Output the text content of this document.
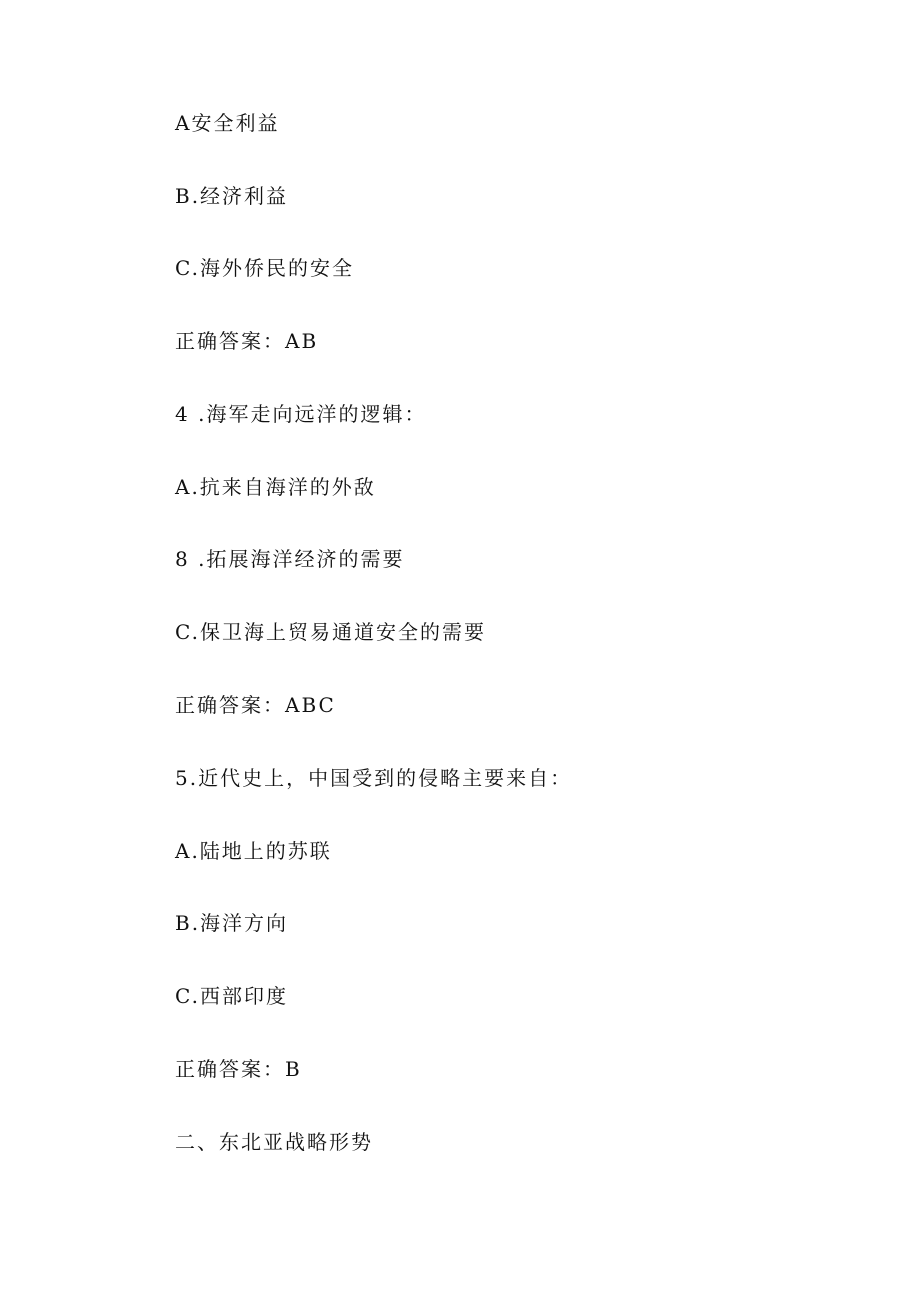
A安全利益
B.经济利益
C.海外侨民的安全
正确答案：AB
4 .海军走向远洋的逻辑：
A.抗来自海洋的外敌
8 .拓展海洋经济的需要
C.保卫海上贸易通道安全的需要
正确答案：ABC
5.近代史上，中国受到的侵略主要来自：
A.陆地上的苏联
B.海洋方向
C.西部印度
正确答案：B
二、东北亚战略形势
